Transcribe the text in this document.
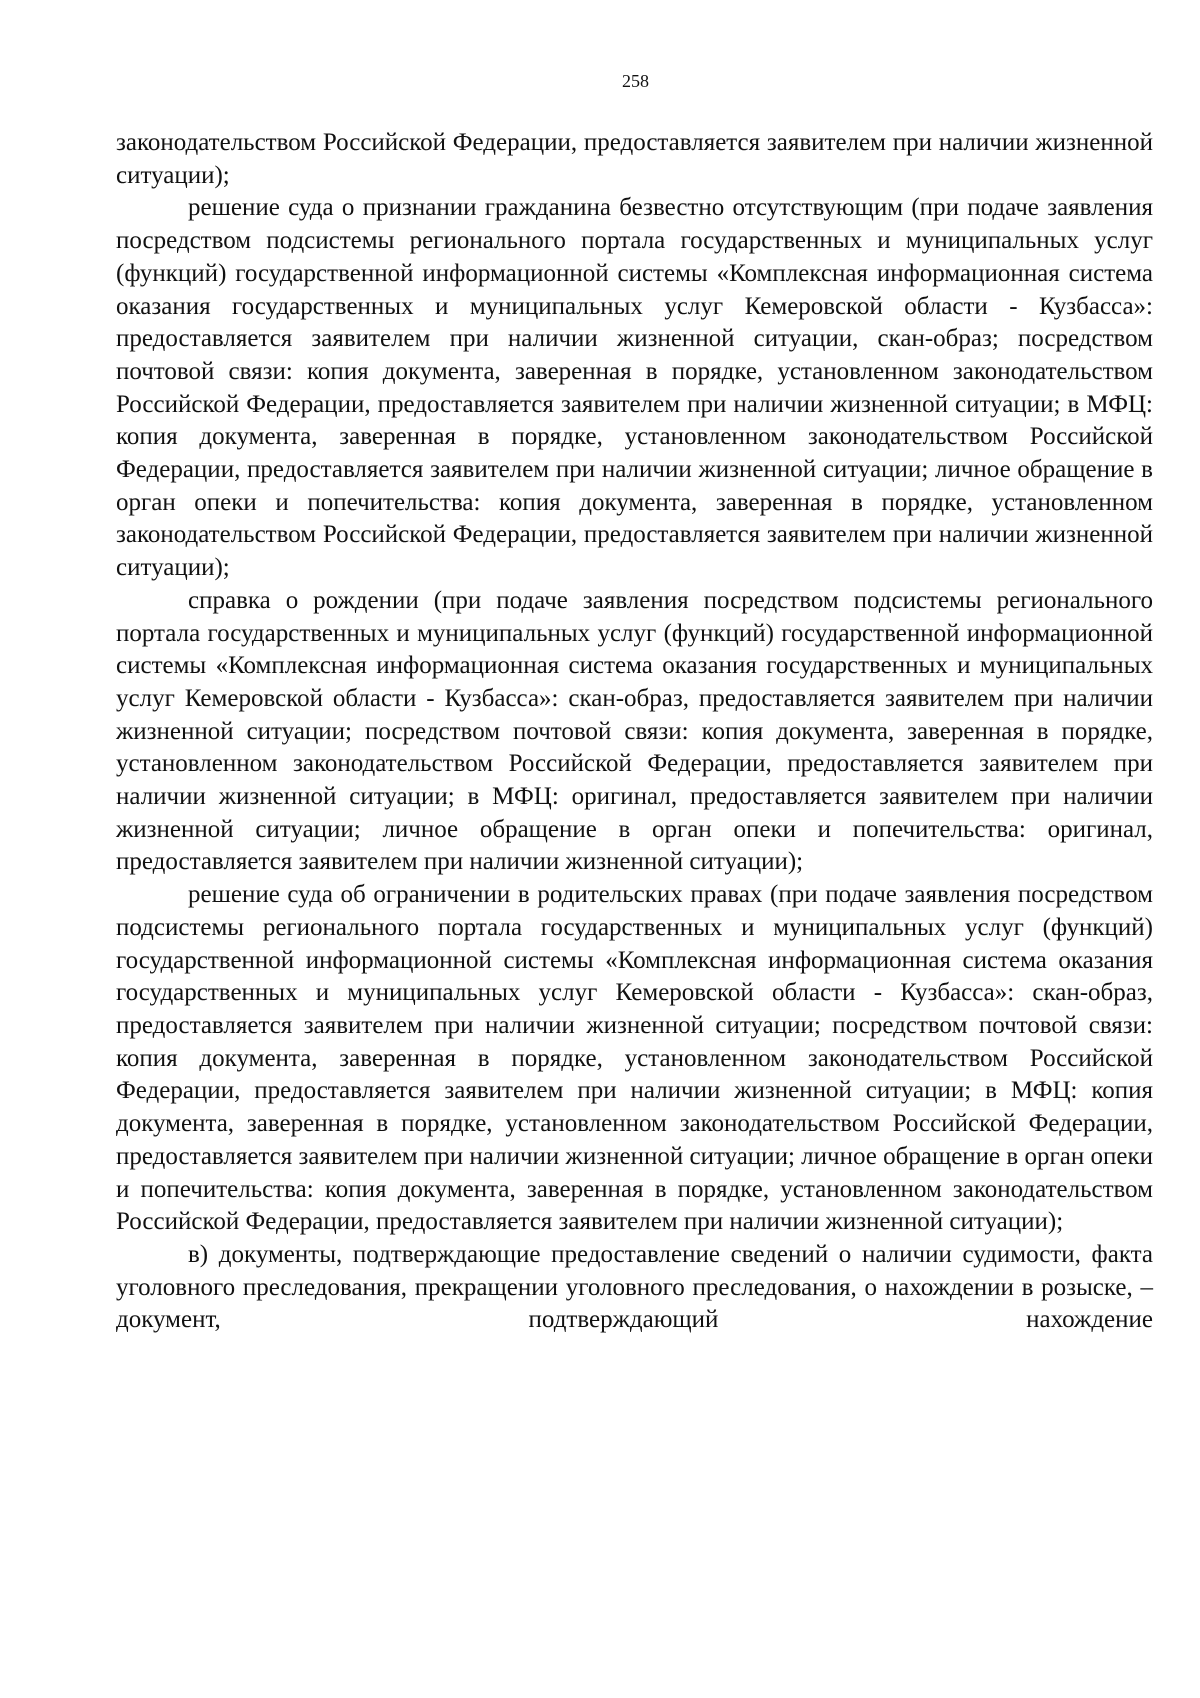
258

законодательством Российской Федерации, предоставляется заявителем при наличии жизненной ситуации);

решение суда о признании гражданина безвестно отсутствующим (при подаче заявления посредством подсистемы регионального портала государственных и муниципальных услуг (функций) государственной информационной системы «Комплексная информационная система оказания государственных и муниципальных услуг Кемеровской области - Кузбасса»: предоставляется заявителем при наличии жизненной ситуации, скан-образ; посредством почтовой связи: копия документа, заверенная в порядке, установленном законодательством Российской Федерации, предоставляется заявителем при наличии жизненной ситуации; в МФЦ: копия документа, заверенная в порядке, установленном законодательством Российской Федерации, предоставляется заявителем при наличии жизненной ситуации; личное обращение в орган опеки и попечительства: копия документа, заверенная в порядке, установленном законодательством Российской Федерации, предоставляется заявителем при наличии жизненной ситуации);

справка о рождении (при подаче заявления посредством подсистемы регионального портала государственных и муниципальных услуг (функций) государственной информационной системы «Комплексная информационная система оказания государственных и муниципальных услуг Кемеровской области - Кузбасса»: скан-образ, предоставляется заявителем при наличии жизненной ситуации; посредством почтовой связи: копия документа, заверенная в порядке, установленном законодательством Российской Федерации, предоставляется заявителем при наличии жизненной ситуации; в МФЦ: оригинал, предоставляется заявителем при наличии жизненной ситуации; личное обращение в орган опеки и попечительства: оригинал, предоставляется заявителем при наличии жизненной ситуации);

решение суда об ограничении в родительских правах (при подаче заявления посредством подсистемы регионального портала государственных и муниципальных услуг (функций) государственной информационной системы «Комплексная информационная система оказания государственных и муниципальных услуг Кемеровской области - Кузбасса»: скан-образ, предоставляется заявителем при наличии жизненной ситуации; посредством почтовой связи: копия документа, заверенная в порядке, установленном законодательством Российской Федерации, предоставляется заявителем при наличии жизненной ситуации; в МФЦ: копия документа, заверенная в порядке, установленном законодательством Российской Федерации, предоставляется заявителем при наличии жизненной ситуации; личное обращение в орган опеки и попечительства: копия документа, заверенная в порядке, установленном законодательством Российской Федерации, предоставляется заявителем при наличии жизненной ситуации);

в) документы, подтверждающие предоставление сведений о наличии судимости, факта уголовного преследования, прекращении уголовного преследования, о нахождении в розыске, – документ, подтверждающий нахождение
